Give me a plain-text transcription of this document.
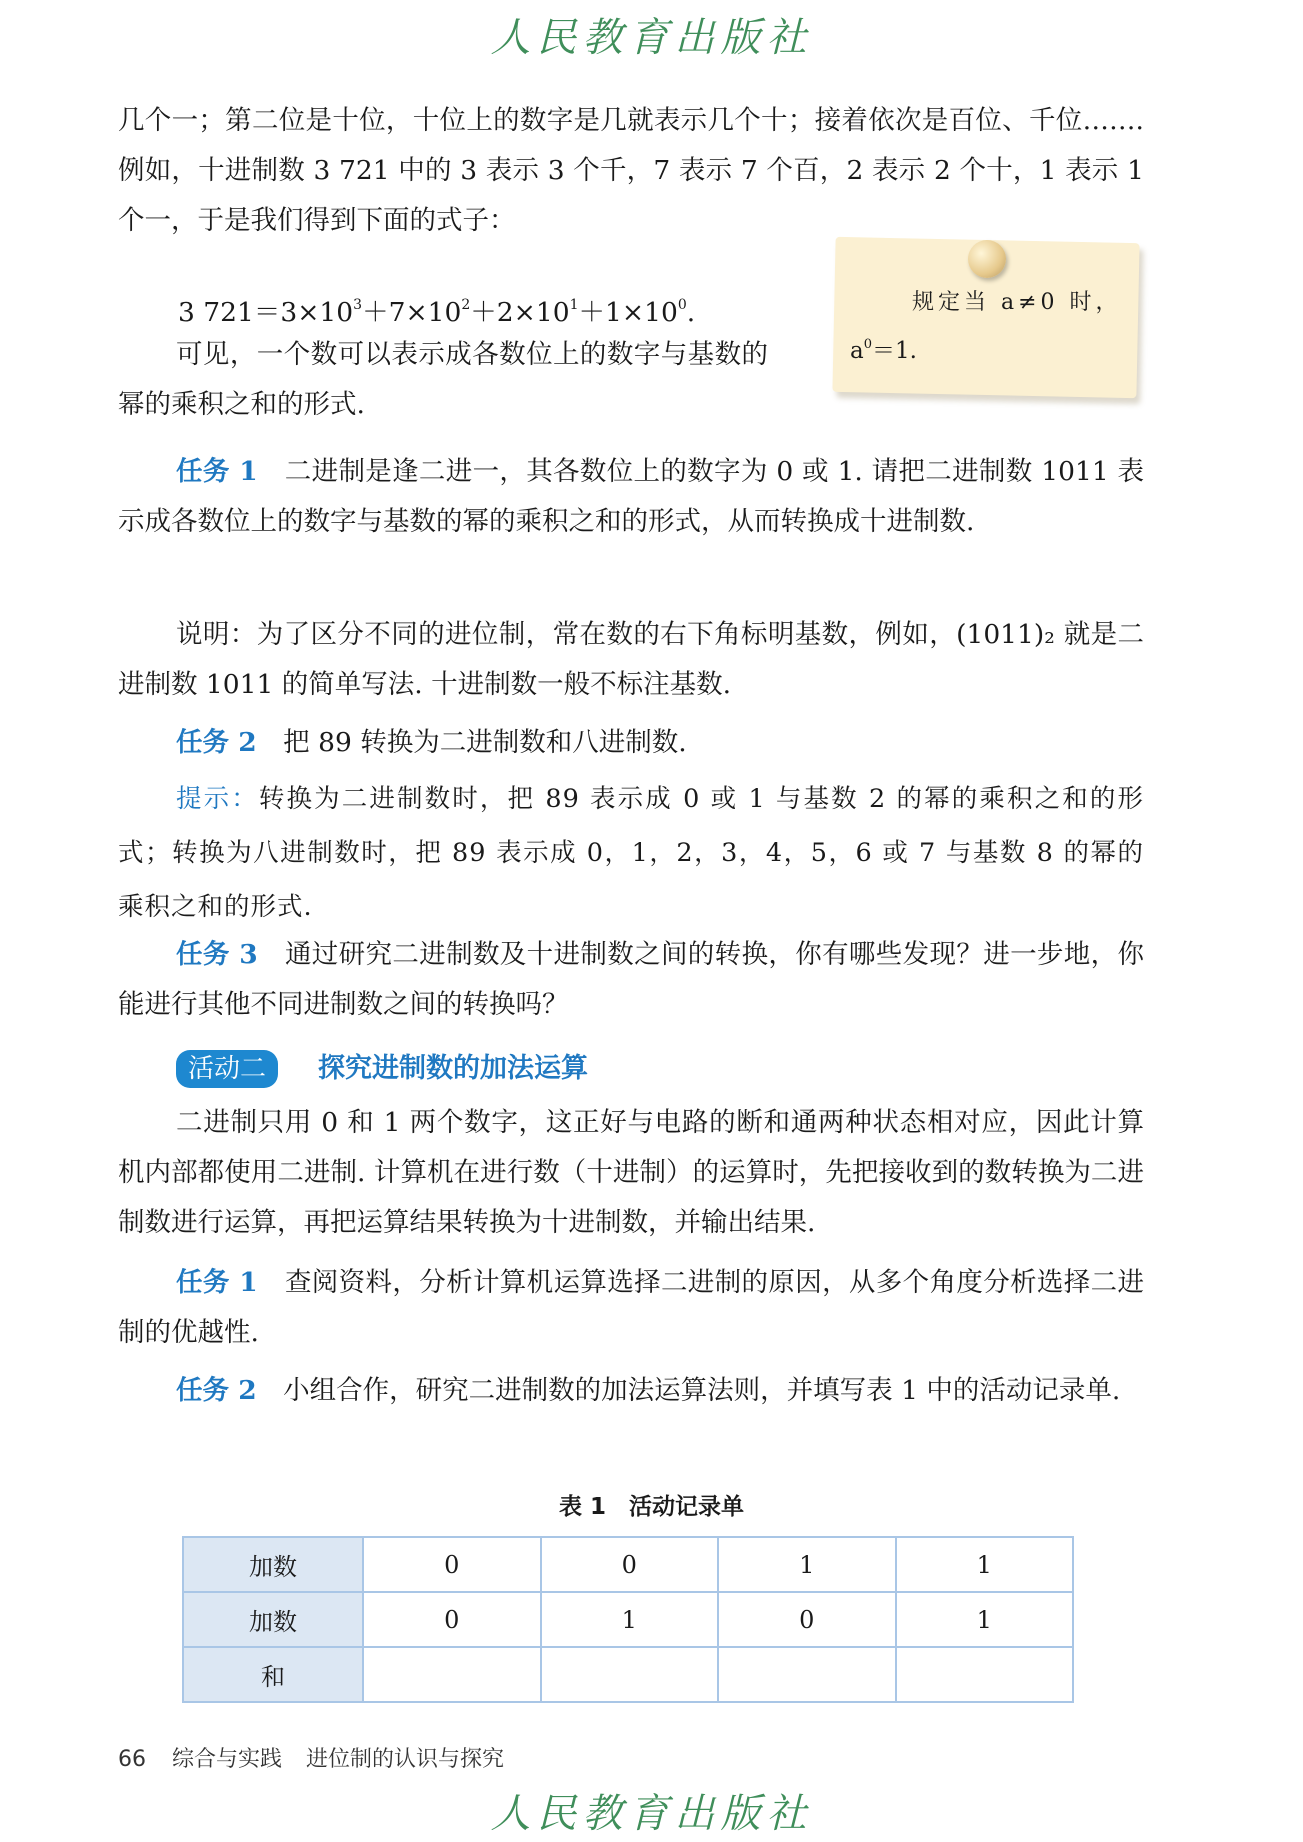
人民教育出版社
几个一；第二位是十位，十位上的数字是几就表示几个十；接着依次是百位、千位……. 例如，十进制数 3 721 中的 3 表示 3 个千，7 表示 7 个百，2 表示 2 个十，1 表示 1 个一，于是我们得到下面的式子：
3 $721=3\times 10^3+7\times 10^2+2\times 10^1+1\times 10^0$.
可见，一个数可以表示成各数位上的数字与基数的幂的乘积之和的形式.
规定当 a≠0 时，
$a^0=1$.
任务 1　 二进制是逢二进一，其各数位上的数字为 0 或 1. 请把二进制数 1011 表示成各数位上的数字与基数的幂的乘积之和的形式，从而转换成十进制数.
说明：为了区分不同的进位制，常在数的右下角标明基数，例如，(1011)₂ 就是二进制数 1011 的简单写法. 十进制数一般不标注基数.
任务 2　 把 89 转换为二进制数和八进制数.
提示：转换为二进制数时，把 89 表示成 0 或 1 与基数 2 的幂的乘积之和的形式；转换为八进制数时，把 89 表示成 0，1，2，3，4，5，6 或 7 与基数 8 的幂的乘积之和的形式.
任务 3　 通过研究二进制数及十进制数之间的转换，你有哪些发现？进一步地，你能进行其他不同进制数之间的转换吗？
活动二	探究进制数的加法运算
二进制只用 0 和 1 两个数字，这正好与电路的断和通两种状态相对应，因此计算机内部都使用二进制. 计算机在进行数（十进制）的运算时，先把接收到的数转换为二进制数进行运算，再把运算结果转换为十进制数，并输出结果.
任务 1　 查阅资料，分析计算机运算选择二进制的原因，从多个角度分析选择二进制的优越性.
任务 2　 小组合作，研究二进制数的加法运算法则，并填写表 1 中的活动记录单.
表 1　活动记录单
加数	0	0	1	1
加数	0	1	0	1
和				
66 综合与实践 进位制的认识与探究
人民教育出版社
